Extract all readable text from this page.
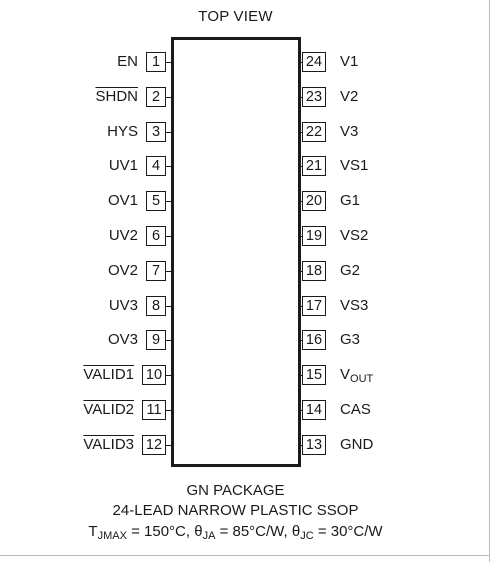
TOP VIEW
1
EN
2
SHDN
3
HYS
4
UV1
5
OV1
6
UV2
7
OV2
8
UV3
9
OV3
10
VALID1
11
VALID2
12
VALID3
24 V1
23 V2
22 V3
21 VS1
20 G1
19 VS2
18 G2
17 VS3
16 G3
15 $V_{OUT}$
14 CAS
13 GND
GN PACKAGE
24-LEAD NARROW PLASTIC SSOP
$T_{JMAX} = 150^\circ C$, $\theta_{JA} = 85^\circ C/W$, $\theta_{JC} = 30^\circ C/W$
